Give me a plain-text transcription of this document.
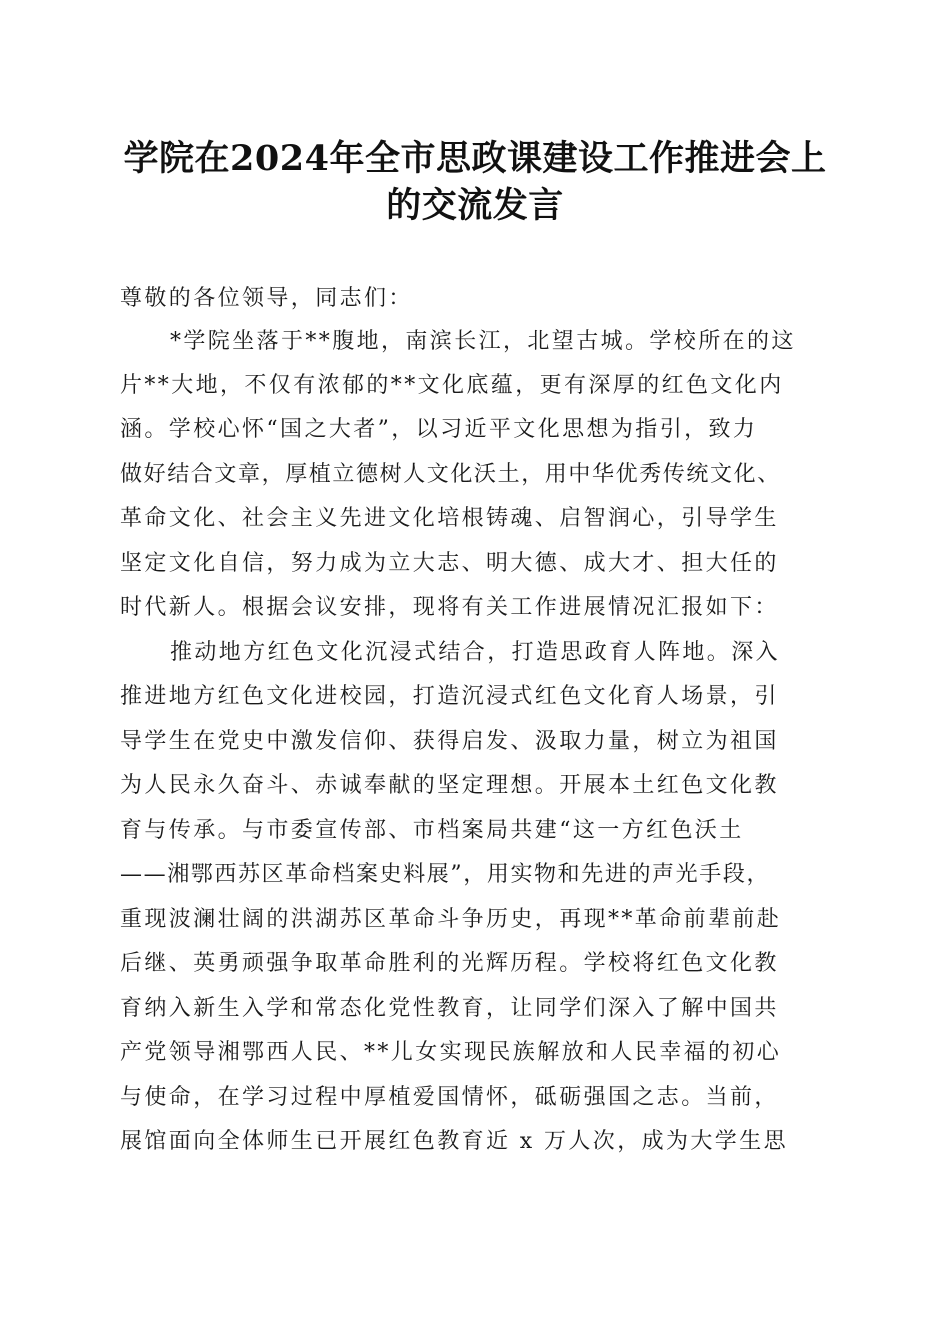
学院在2024年全市思政课建设工作推进会上
的交流发言
尊敬的各位领导，同志们：
*学院坐落于**腹地，南滨长江，北望古城。学校所在的这
片**大地，不仅有浓郁的**文化底蕴，更有深厚的红色文化内
涵。学校心怀“国之大者”，以习近平文化思想为指引，致力
做好结合文章，厚植立德树人文化沃土，用中华优秀传统文化、
革命文化、社会主义先进文化培根铸魂、启智润心，引导学生
坚定文化自信，努力成为立大志、明大德、成大才、担大任的
时代新人。根据会议安排，现将有关工作进展情况汇报如下：
推动地方红色文化沉浸式结合，打造思政育人阵地。深入
推进地方红色文化进校园，打造沉浸式红色文化育人场景，引
导学生在党史中激发信仰、获得启发、汲取力量，树立为祖国
为人民永久奋斗、赤诚奉献的坚定理想。开展本土红色文化教
育与传承。与市委宣传部、市档案局共建“这一方红色沃土
——湘鄂西苏区革命档案史料展”，用实物和先进的声光手段，
重现波澜壮阔的洪湖苏区革命斗争历史，再现**革命前辈前赴
后继、英勇顽强争取革命胜利的光辉历程。学校将红色文化教
育纳入新生入学和常态化党性教育，让同学们深入了解中国共
产党领导湘鄂西人民、**儿女实现民族解放和人民幸福的初心
与使命，在学习过程中厚植爱国情怀，砥砺强国之志。当前，
展馆面向全体师生已开展红色教育近 x 万人次，成为大学生思
